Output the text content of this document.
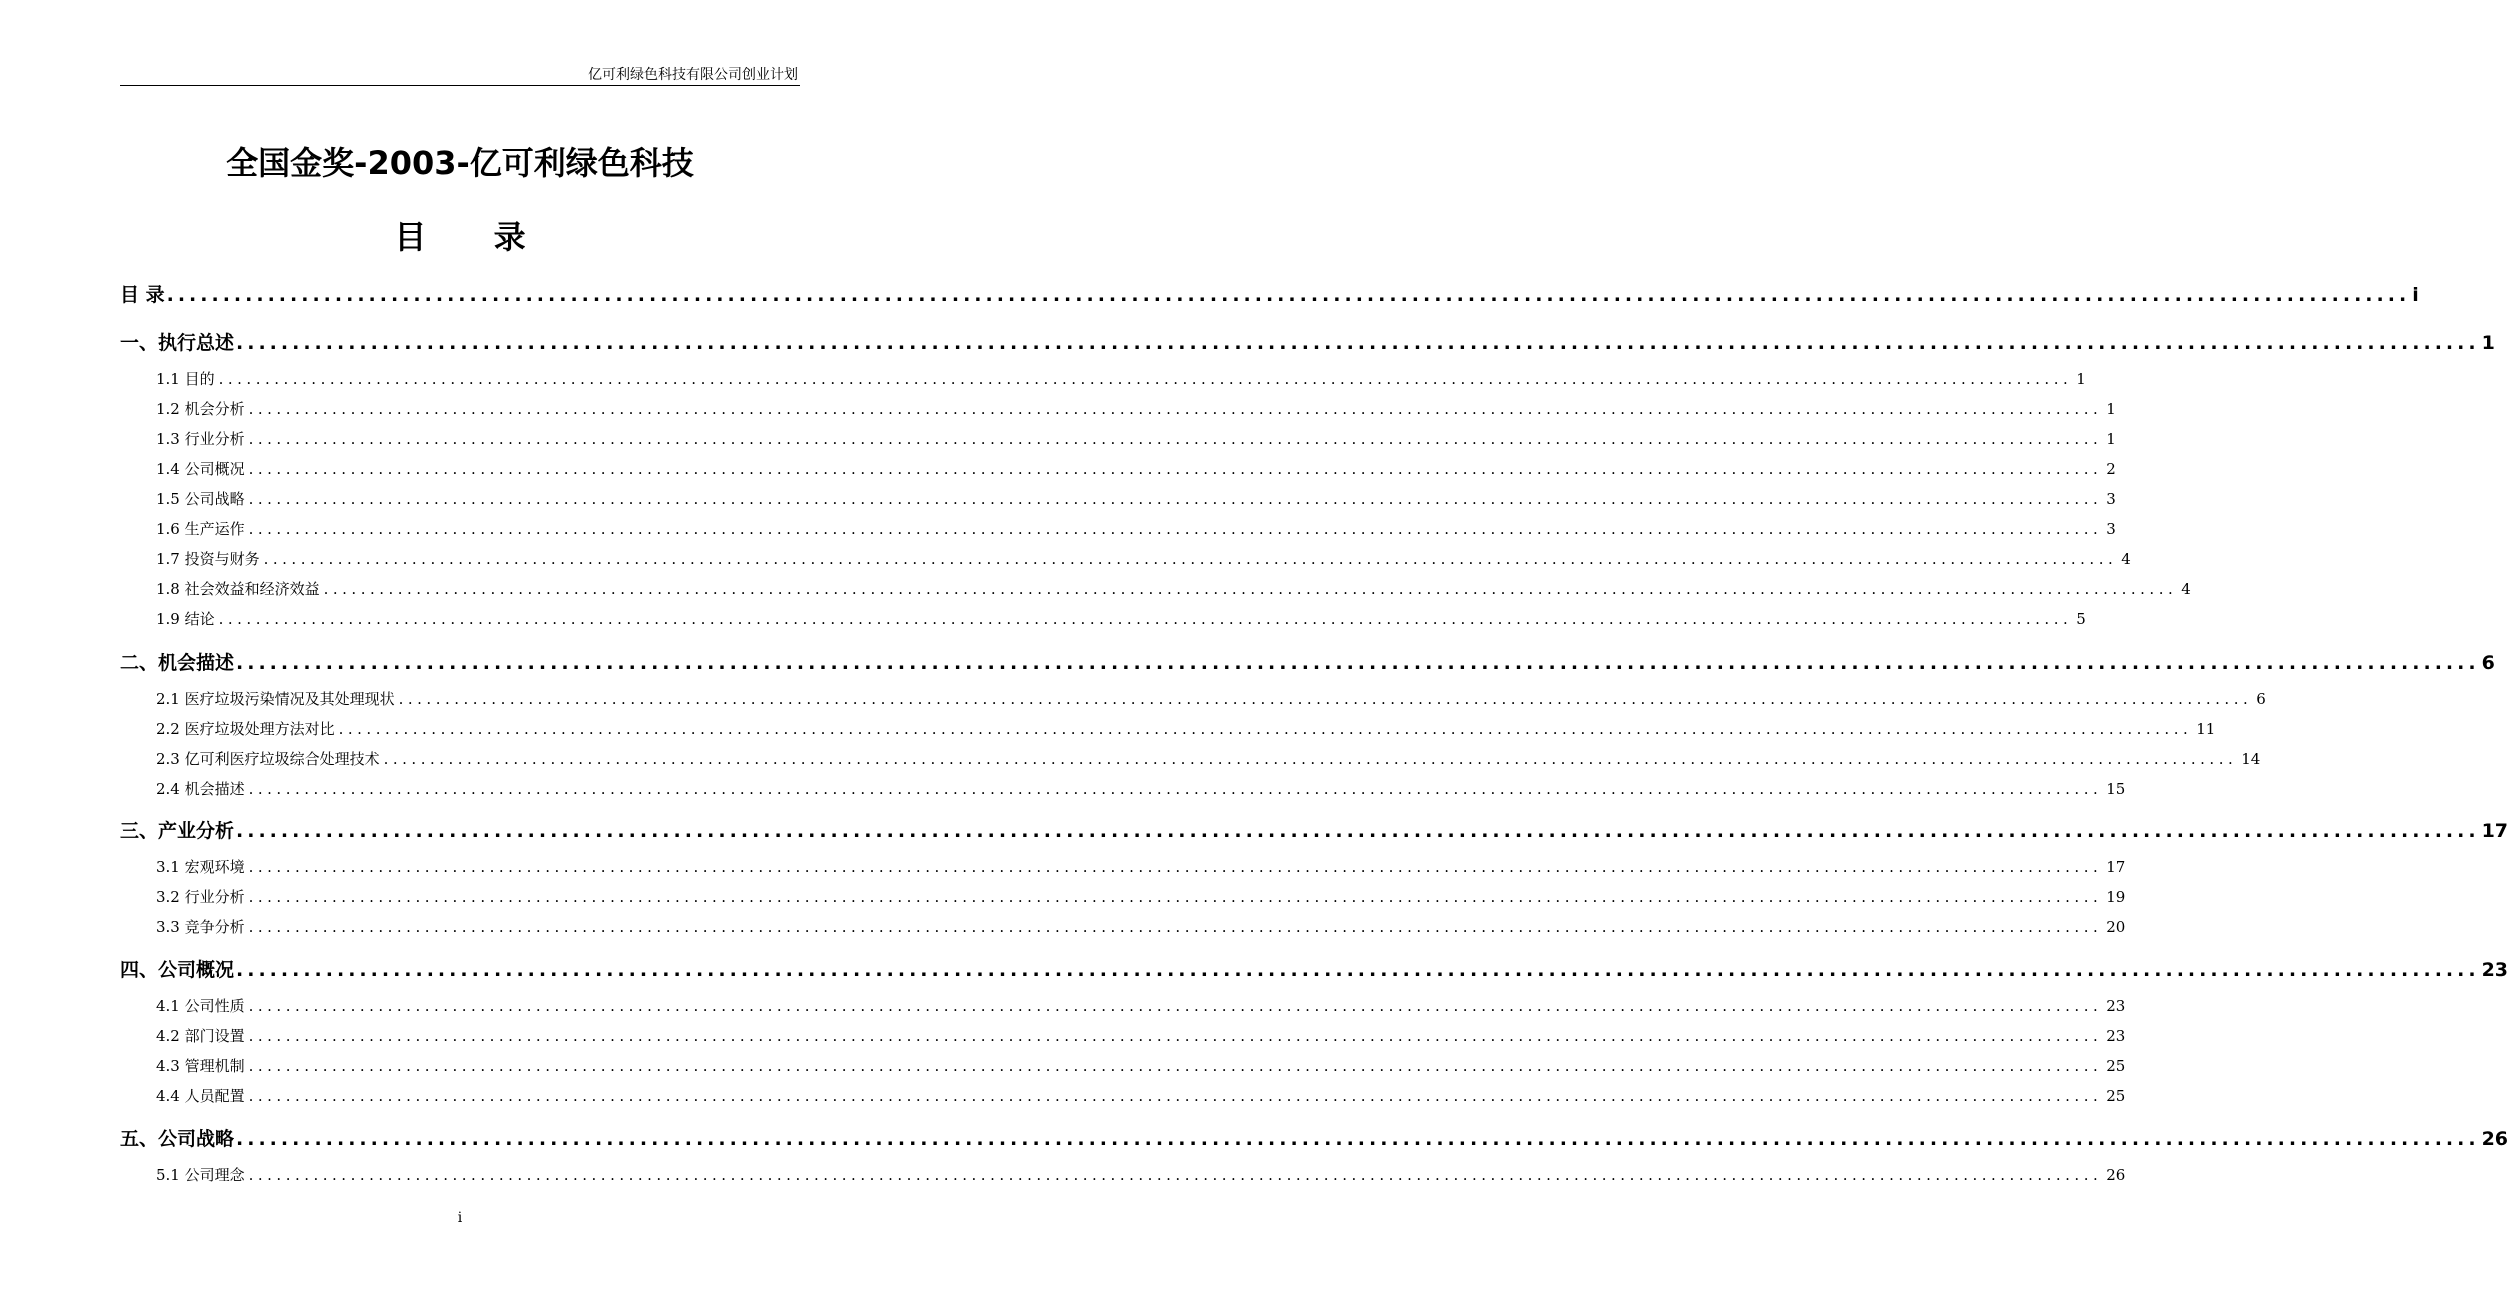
亿可利绿色科技有限公司创业计划
全国金奖-2003-亿可利绿色科技
目 录
目 录 ........................................................................................................................................................................................................ i
一、执行总述 ........................................................................................................................................................................................................ 1
1.1 目的 ........................................................................................................................................................................................................ 1
1.2 机会分析 ........................................................................................................................................................................................................ 1
1.3 行业分析 ........................................................................................................................................................................................................ 1
1.4 公司概况 ........................................................................................................................................................................................................ 2
1.5 公司战略 ........................................................................................................................................................................................................ 3
1.6 生产运作 ........................................................................................................................................................................................................ 3
1.7 投资与财务 ........................................................................................................................................................................................................ 4
1.8 社会效益和经济效益 ........................................................................................................................................................................................................ 4
1.9 结论 ........................................................................................................................................................................................................ 5
二、机会描述 ........................................................................................................................................................................................................ 6
2.1 医疗垃圾污染情况及其处理现状 ........................................................................................................................................................................................................ 6
2.2 医疗垃圾处理方法对比 ........................................................................................................................................................................................................ 11
2.3 亿可利医疗垃圾综合处理技术 ........................................................................................................................................................................................................ 14
2.4 机会描述 ........................................................................................................................................................................................................ 15
三、产业分析 ........................................................................................................................................................................................................ 17
3.1 宏观环境 ........................................................................................................................................................................................................ 17
3.2 行业分析 ........................................................................................................................................................................................................ 19
3.3 竞争分析 ........................................................................................................................................................................................................ 20
四、公司概况 ........................................................................................................................................................................................................ 23
4.1 公司性质 ........................................................................................................................................................................................................ 23
4.2 部门设置 ........................................................................................................................................................................................................ 23
4.3 管理机制 ........................................................................................................................................................................................................ 25
4.4 人员配置 ........................................................................................................................................................................................................ 25
五、公司战略 ........................................................................................................................................................................................................ 26
5.1 公司理念 ........................................................................................................................................................................................................ 26
i
